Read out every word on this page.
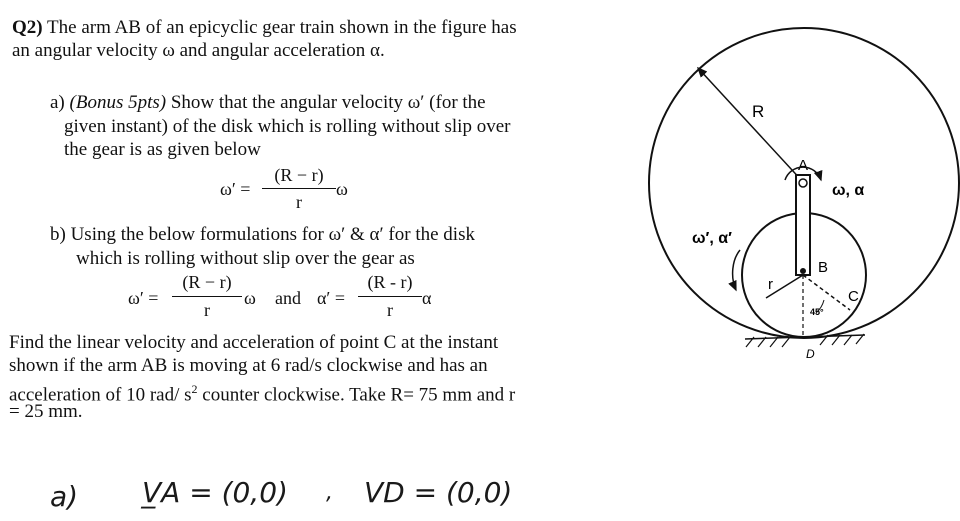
Q2) The arm AB of an epicyclic gear train shown in the figure has
an angular velocity ω and angular acceleration α.
a) (Bonus 5pts) Show that the angular velocity ω′ (for the
given instant) of the disk which is rolling without slip over
the gear is as given below
ω′ =
(R − r)
r
ω
b) Using the below formulations for ω′ & α′ for the disk
which is rolling without slip over the gear as
ω′ =
(R − r)
r
ω and α′ =
(R - r)
r
α
Find the linear velocity and acceleration of point C at the instant
shown if the arm AB is moving at 6 rad/s clockwise and has an
acceleration of 10 rad/ $s^2$ counter clockwise. Take R= 75 mm and r
= 25 mm.
a) V̲A = (0,0) , VD = (0,0)
R
A
B
ω, α
ω′, α′
r
45°
C
D
